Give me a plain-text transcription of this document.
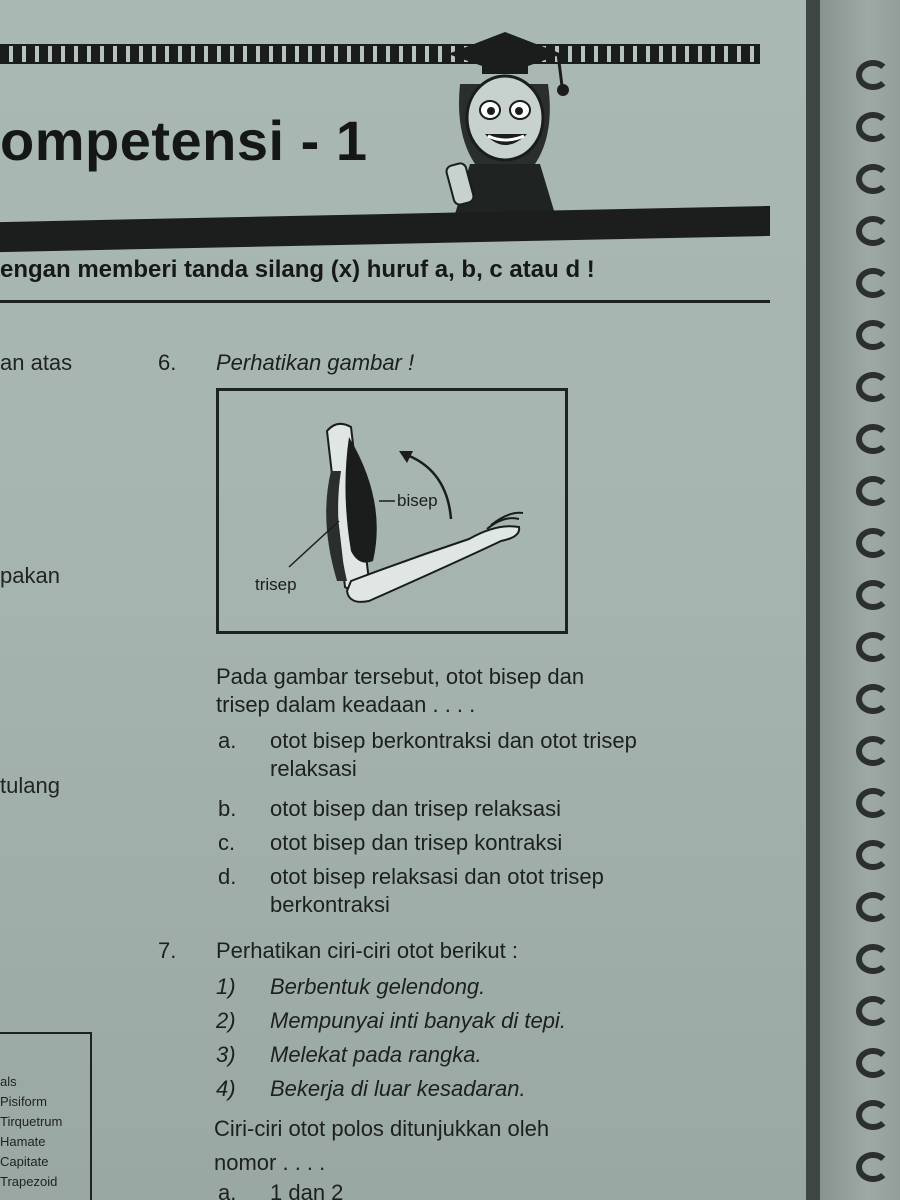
ompetensi - 1

engan memberi tanda silang (x) huruf a, b, c atau d !

an atas
pakan
tulang
als
Pisiform
Tirquetrum
Hamate
Capitate
Trapezoid
6. Perhatikan gambar !
bisep
trisep
Pada gambar tersebut, otot bisep dan
trisep dalam keadaan . . . .
a. otot bisep berkontraksi dan otot trisep
relaksasi
b. otot bisep dan trisep relaksasi
c. otot bisep dan trisep kontraksi
d. otot bisep relaksasi dan otot trisep
berkontraksi
7. Perhatikan ciri-ciri otot berikut :
1) Berbentuk gelendong.
2) Mempunyai inti banyak di tepi.
3) Melekat pada rangka.
4) Bekerja di luar kesadaran.
Ciri-ciri otot polos ditunjukkan oleh
nomor . . . .
a. 1 dan 2
